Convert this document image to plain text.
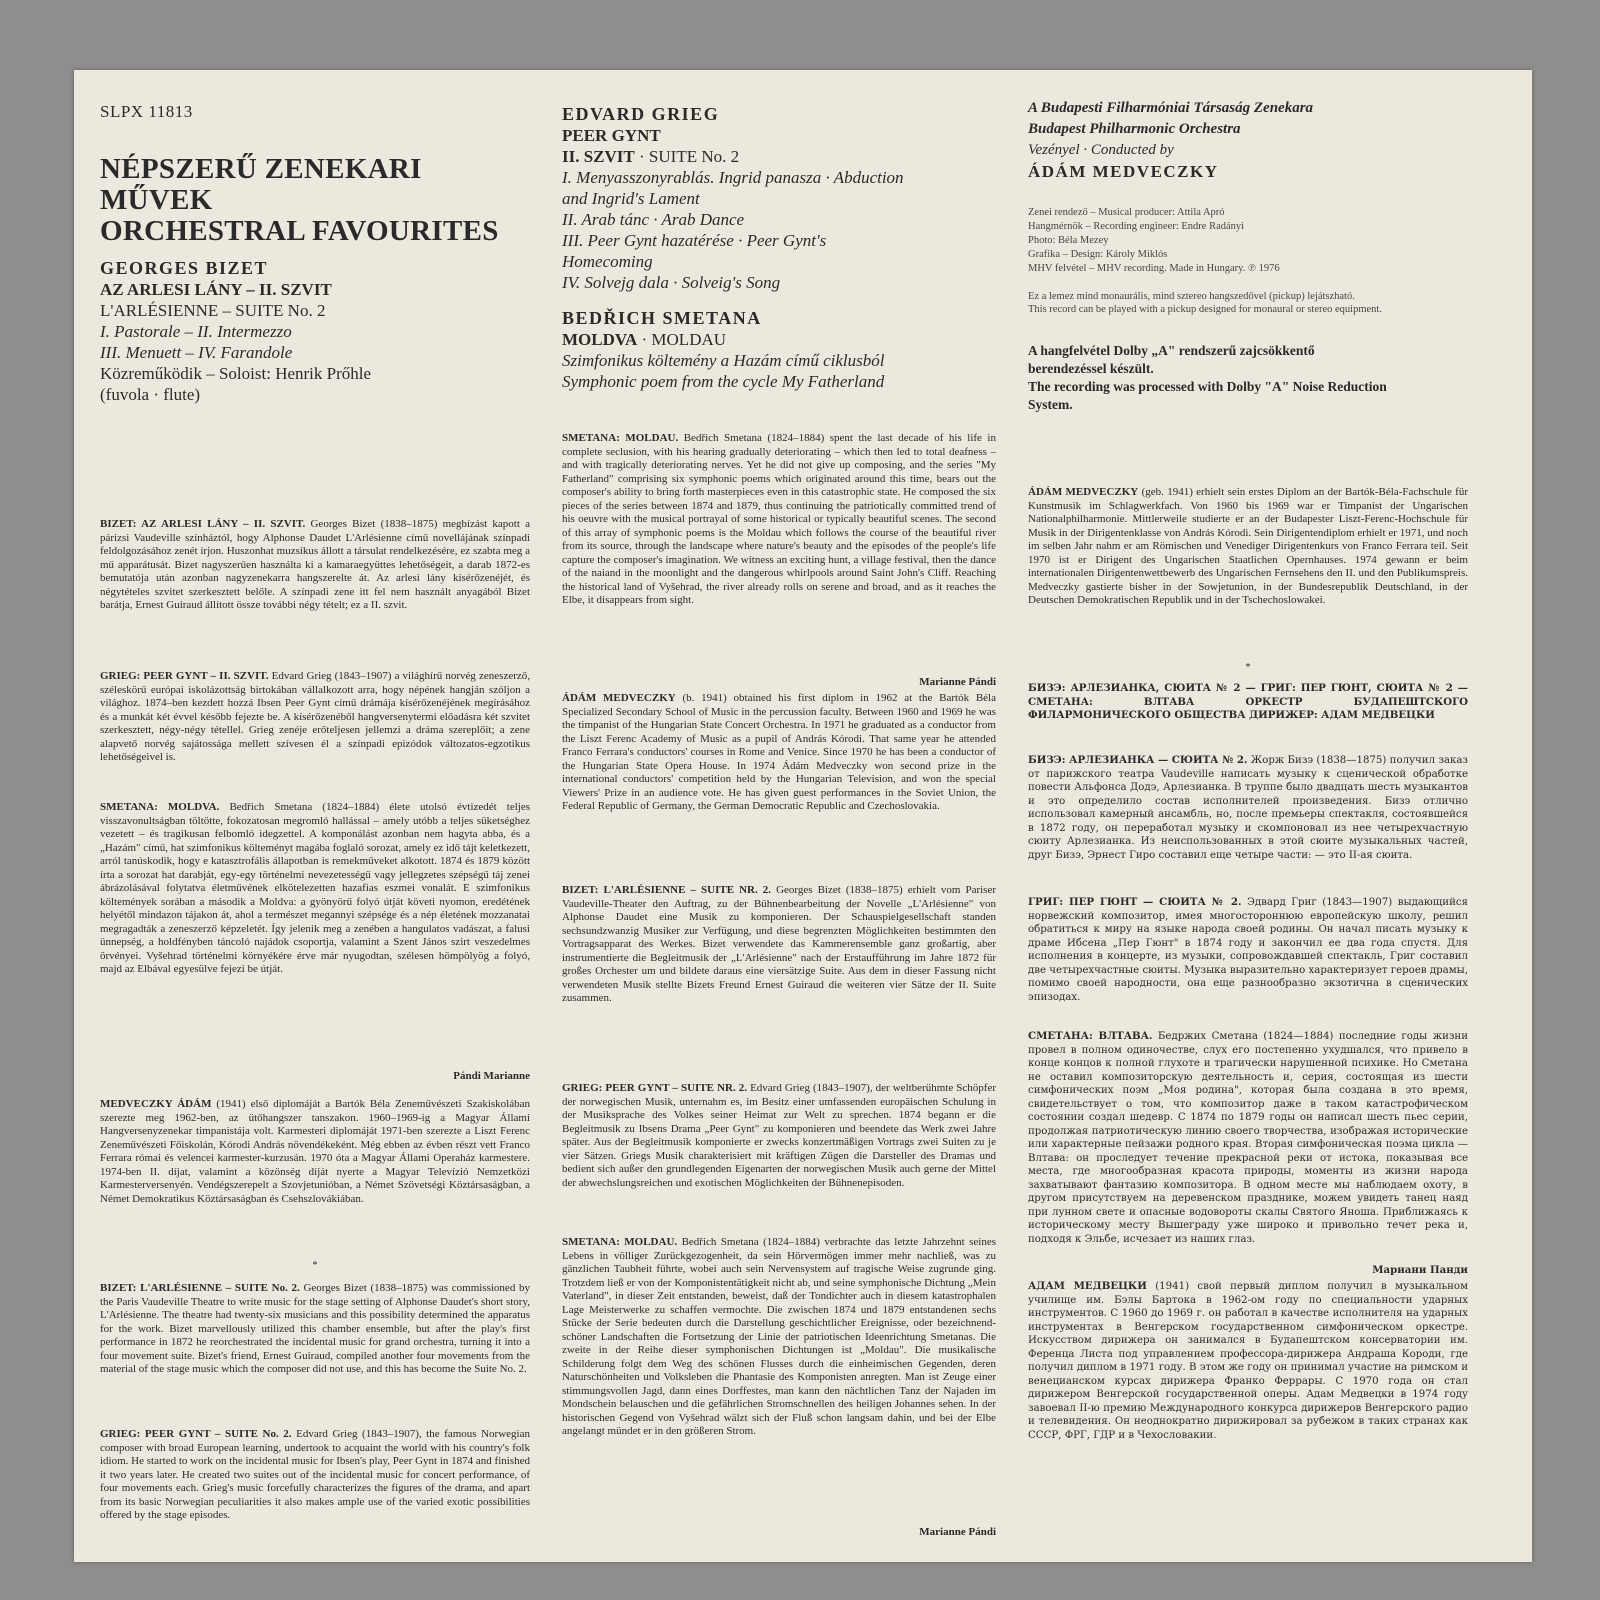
SLPX 11813
NÉPSZERŰ ZENEKARI
MŰVEK
ORCHESTRAL FAVOURITES
GEORGES BIZET
AZ ARLESI LÁNY – II. SZVIT
L'ARLÉSIENNE – SUITE No. 2
I. Pastorale – II. Intermezzo
III. Menuett – IV. Farandole
Közreműködik – Soloist: Henrik Prőhle
(fuvola · flute)

BIZET: AZ ARLESI LÁNY – II. SZVIT. Georges Bizet (1838–1875) megbízást kapott a párizsi Vaudeville színháztól, hogy Alphonse Daudet L'Arlésienne című novellájának színpadi feldolgozásához zenét írjon. Huszonhat muzsikus állott a társulat rendelkezésére, ez szabta meg a mű apparátusát. Bizet nagyszerűen használta ki a kamaraegyüttes lehetőségeit, a darab 1872-es bemutatója után azonban nagyzenekarra hangszerelte át. Az arlesi lány kísérőzenéjét, és négytételes szvitet szerkesztett belőle. A színpadi zene itt fel nem használt anyagából Bizet barátja, Ernest Guiraud állított össze további négy tételt; ez a II. szvit.

GRIEG: PEER GYNT – II. SZVIT. Edvard Grieg (1843–1907) a világhírű norvég zeneszerző, széleskörű európai iskolázottság birtokában vállalkozott arra, hogy népének hangján szóljon a világhoz. 1874–ben kezdett hozzá Ibsen Peer Gynt című drámája kísérőzenéjének megírásához és a munkát két évvel később fejezte be. A kísérőzenéből hangversenytermi előadásra két szvitet szerkesztett, négy-négy tétellel. Grieg zenéje erőteljesen jellemzi a dráma szereplőit; a zene alapvető norvég sajátossága mellett szívesen él a színpadi epizódok változatos-egzotikus lehetőségeivel is.

SMETANA: MOLDVA. Bedřich Smetana (1824–1884) élete utolsó évtizedét teljes visszavonultságban töltötte, fokozatosan megromló hallással – amely utóbb a teljes süketséghez vezetett – és tragikusan felbomló idegzettel. A komponálást azonban nem hagyta abba, és a „Hazám" című, hat szimfonikus költeményt magába foglaló sorozat, amely ez idő tájt keletkezett, arról tanúskodik, hogy e katasztrofális állapotban is remekműveket alkotott. 1874 és 1879 között írta a sorozat hat darabját, egy-egy történelmi nevezetességű vagy jellegzetes szépségű táj zenei ábrázolásával folytatva életművének elkötelezetten hazafias eszmei vonalát. E szimfonikus költemények sorában a második a Moldva: a gyönyörű folyó útját követi nyomon, eredétének helyétől mindazon tájakon át, ahol a természet megannyi szépsége és a nép életének mozzanatai megragadták a zeneszerző képzeletét. Így jelenik meg a zenében a hangulatos vadászat, a falusi ünnepség, a holdfényben táncoló najádok csoportja, valamint a Szent János szirt veszedelmes örvényei. Vyšehrad történelmi környékére érve már nyugodtan, szélesen hömpölyög a folyó, majd az Elbával egyesülve fejezi be útját.

Pándi Marianne

MEDVECZKY ÁDÁM (1941) első diplomáját a Bartók Béla Zeneművészeti Szakiskolában szerezte meg 1962-ben, az ütőhangszer tanszakon. 1960–1969-ig a Magyar Állami Hangversenyzenekar timpanistája volt. Karmesteri diplomáját 1971-ben szerezte a Liszt Ferenc Zeneművészeti Főiskolán, Kórodi András növendékeként. Még ebben az évben részt vett Franco Ferrara római és velencei karmester-kurzusán. 1970 óta a Magyar Állami Operaház karmestere. 1974-ben II. díjat, valamint a közönség díját nyerte a Magyar Televízió Nemzetközi Karmesterversenyén. Vendégszerepelt a Szovjetunióban, a Német Szövetségi Köztársaságban, a Német Demokratikus Köztársaságban és Csehszlovákiában.

*

BIZET: L'ARLÉSIENNE – SUITE No. 2. Georges Bizet (1838–1875) was commissioned by the Paris Vaudeville Theatre to write music for the stage setting of Alphonse Daudet's short story, L'Arlésienne. The theatre had twenty-six musicians and this possibility determined the apparatus for the work. Bizet marvellously utilized this chamber ensemble, but after the play's first performance in 1872 he reorchestrated the incidental music for grand orchestra, turning it into a four movement suite. Bizet's friend, Ernest Guiraud, compiled another four movements from the material of the stage music which the composer did not use, and this has become the Suite No. 2.

GRIEG: PEER GYNT – SUITE No. 2. Edvard Grieg (1843–1907), the famous Norwegian composer with broad European learning, undertook to acquaint the world with his country's folk idiom. He started to work on the incidental music for Ibsen's play, Peer Gynt in 1874 and finished it two years later. He created two suites out of the incidental music for concert performance, of four movements each. Grieg's music forcefully characterizes the figures of the drama, and apart from its basic Norwegian peculiarities it also makes ample use of the varied exotic possibilities offered by the stage episodes.

EDVARD GRIEG
PEER GYNT
II. SZVIT · SUITE No. 2
I. Menyasszonyrablás. Ingrid panasza · Abduction
and Ingrid's Lament
II. Arab tánc · Arab Dance
III. Peer Gynt hazatérése · Peer Gynt's
Homecoming
IV. Solvejg dala · Solveig's Song
BEDŘICH SMETANA
MOLDVA · MOLDAU
Szimfonikus költemény a Hazám című ciklusból
Symphonic poem from the cycle My Fatherland

SMETANA: MOLDAU. Bedřich Smetana (1824–1884) spent the last decade of his life in complete seclusion, with his hearing gradually deteriorating – which then led to total deafness – and with tragically deteriorating nerves. Yet he did not give up composing, and the series "My Fatherland" comprising six symphonic poems which originated around this time, bears out the composer's ability to bring forth masterpieces even in this catastrophic state. He composed the six pieces of the series between 1874 and 1879, thus continuing the patriotically committed trend of his oeuvre with the musical portrayal of some historical or typically beautiful scenes. The second of this array of symphonic poems is the Moldau which follows the course of the beautiful river from its source, through the landscape where nature's beauty and the episodes of the people's life capture the composer's imagination. We witness an exciting hunt, a village festival, then the dance of the naiand in the moonlight and the dangerous whirlpools around Saint John's Cliff. Reaching the historical land of Vyšehrad, the river already rolls on serene and broad, and as it reaches the Elbe, it disappears from sight.

Marianne Pándi

ÁDÁM MEDVECZKY (b. 1941) obtained his first diplom in 1962 at the Bartók Béla Specialized Secondary School of Music in the percussion faculty. Between 1960 and 1969 he was the timpanist of the Hungarian State Concert Orchestra. In 1971 he graduated as a conductor from the Liszt Ferenc Academy of Music as a pupil of András Kórodi. That same year he attended Franco Ferrara's conductors' courses in Rome and Venice. Since 1970 he has been a conductor of the Hungarian State Opera House. In 1974 Ádám Medveczky won second prize in the international conductors' competition held by the Hungarian Television, and won the special Viewers' Prize in an audience vote. He has given guest performances in the Soviet Union, the Federal Republic of Germany, the German Democratic Republic and Czechoslovakia.

BIZET: L'ARLÉSIENNE – SUITE NR. 2. Georges Bizet (1838–1875) erhielt vom Pariser Vaudeville-Theater den Auftrag, zu der Bühnenbearbeitung der Novelle „L'Arlésienne" von Alphonse Daudet eine Musik zu komponieren. Der Schauspielgesellschaft standen sechsundzwanzig Musiker zur Verfügung, und diese begrenzten Möglichkeiten bestimmten den Vortragsapparat des Werkes. Bizet verwendete das Kammerensemble ganz großartig, aber instrumentierte die Begleitmusik der „L'Arlésienne" nach der Erstaufführung im Jahre 1872 für großes Orchester um und bildete daraus eine viersätzige Suite. Aus dem in dieser Fassung nicht verwendeten Musik stellte Bizets Freund Ernest Guiraud die weiteren vier Sätze der II. Suite zusammen.

GRIEG: PEER GYNT – SUITE NR. 2. Edvard Grieg (1843–1907), der weltberühmte Schöpfer der norwegischen Musik, unternahm es, im Besitz einer umfassenden europäischen Schulung in der Musiksprache des Volkes seiner Heimat zur Welt zu sprechen. 1874 begann er die Begleitmusik zu Ibsens Drama „Peer Gynt" zu komponieren und beendete das Werk zwei Jahre später. Aus der Begleitmusik komponierte er zwecks konzertmäßigen Vortrags zwei Suiten zu je vier Sätzen. Griegs Musik charakterisiert mit kräftigen Zügen die Darsteller des Dramas und bedient sich außer den grundlegenden Eigenarten der norwegischen Musik auch gerne der Mittel der abwechslungsreichen und exotischen Möglichkeiten der Bühnenepisoden.

SMETANA: MOLDAU. Bedřich Smetana (1824–1884) verbrachte das letzte Jahrzehnt seines Lebens in völliger Zurückgezogenheit, da sein Hörvermögen immer mehr nachließ, was zu gänzlichen Taubheit führte, wobei auch sein Nervensystem auf tragische Weise zugrunde ging. Trotzdem ließ er von der Komponistentätigkeit nicht ab, und seine symphonische Dichtung „Mein Vaterland", in dieser Zeit entstanden, beweist, daß der Tondichter auch in diesem katastrophalen Lage Meisterwerke zu schaffen vermochte. Die zwischen 1874 und 1879 entstandenen sechs Stücke der Serie bedeuten durch die Darstellung geschichtlicher Ereignisse, oder bezeichnend-schöner Landschaften die Fortsetzung der Linie der patriotischen Ideenrichtung Smetanas. Die zweite in der Reihe dieser symphonischen Dichtungen ist „Moldau". Die musikalische Schilderung folgt dem Weg des schönen Flusses durch die einheimischen Gegenden, deren Naturschönheiten und Volksleben die Phantasie des Komponisten anregten. Man ist Zeuge einer stimmungsvollen Jagd, dann eines Dorffestes, man kann den nächtlichen Tanz der Najaden im Mondschein belauschen und die gefährlichen Stromschnellen des heiligen Johannes sehen. In der historischen Gegend von Vyšehrad wälzt sich der Fluß schon langsam dahin, und bei der Elbe angelangt mündet er in den größeren Strom.

Marianne Pándi
A Budapesti Filharmóniai Társaság Zenekara
Budapest Philharmonic Orchestra
Vezényel · Conducted by
ÁDÁM MEDVECZKY
Zenei rendező – Musical producer: Attila Apró
Hangmérnök – Recording engineer: Endre Radányi
Photo: Béla Mezey
Grafika – Design: Károly Miklós
MHV felvétel – MHV recording. Made in Hungary. ℗ 1976
Ez a lemez mind monaurális, mind sztereo hangszedővel (pickup) lejátszható.
This record can be played with a pickup designed for monaural or stereo equipment.
A hangfelvétel Dolby „A" rendszerű zajcsökkentő berendezéssel készült.
The recording was processed with Dolby "A" Noise Reduction System.

ÁDÁM MEDVECZKY (geb. 1941) erhielt sein erstes Diplom an der Bartók-Béla-Fachschule für Kunstmusik im Schlagwerkfach. Von 1960 bis 1969 war er Timpanist der Ungarischen Nationalphilharmonie. Mittlerweile studierte er an der Budapester Liszt-Ferenc-Hochschule für Musik in der Dirigentenklasse von András Kórodi. Sein Dirigentendiplom erhielt er 1971, und noch im selben Jahr nahm er am Römischen und Venediger Dirigentenkurs von Franco Ferrara teil. Seit 1970 ist er Dirigent des Ungarischen Staatlichen Opernhauses. 1974 gewann er beim internationalen Dirigentenwettbewerb des Ungarischen Fernsehens den II. und den Publikumspreis. Medveczky gastierte bisher in der Sowjetunion, in der Bundesrepublik Deutschland, in der Deutschen Demokratischen Republik und in der Tschechoslowakei.

*

БИЗЭ: АРЛЕЗИАНКА, СЮИТА № 2 — ГРИГ: ПЕР ГЮНТ, СЮИТА № 2 — СМЕТАНА: ВЛТАВА ОРКЕСТР БУДАПЕШТСКОГО ФИЛАРМОНИЧЕСКОГО ОБЩЕСТВА ДИРИЖЕР: АДАМ МЕДВЕЦКИ

БИЗЭ: АРЛЕЗИАНКА — СЮИТА № 2. Жорж Бизэ (1838—1875) получил заказ от парижского театра Vaudeville написать музыку к сценической обработке повести Альфонса Додэ, Арлезианка. В труппе было двадцать шесть музыкантов и это определило состав исполнителей произведения. Бизэ отлично использовал камерный ансамбль, но, после премьеры спектакля, состоявшейся в 1872 году, он переработал музыку и скомпоновал из нее четырехчастную сюиту Арлезианка. Из неиспользованных в этой сюите музыкальных частей, друг Бизэ, Эрнест Гиро составил еще четыре части: — это II-ая сюита.

ГРИГ: ПЕР ГЮНТ — СЮИТА № 2. Эдвард Григ (1843—1907) выдающийся норвежский композитор, имея многостороннюю европейскую школу, решил обратиться к миру на языке народа своей родины. Он начал писать музыку к драме Ибсена „Пер Гюнт" в 1874 году и закончил ее два года спустя. Для исполнения в концерте, из музыки, сопровождавшей спектакль, Григ составил две четырехчастные сюиты. Музыка выразительно характеризует героев драмы, помимо своей народности, она еще разнообразно экзотична в сценических эпизодах.

СМЕТАНА: ВЛТАВА. Бедржих Сметана (1824—1884) последние годы жизни провел в полном одиночестве, слух его постепенно ухудшался, что привело в конце концов к полной глухоте и трагически нарушенной психике. Но Сметана не оставил композиторскую деятельность и, серия, состоящая из шести симфонических поэм „Моя родина", которая была создана в это время, свидетельствует о том, что композитор даже в таком катастрофическом состоянии создал шедевр. С 1874 по 1879 годы он написал шесть пьес серии, продолжая патриотическую линию своего творчества, изображая исторические или характерные пейзажи родного края. Вторая симфоническая поэма цикла — Влтава: он проследует течение прекрасной реки от истока, показывая все места, где многообразная красота природы, моменты из жизни народа захватывают фантазию композитора. В одном месте мы наблюдаем охоту, в другом присутствуем на деревенском празднике, можем увидеть танец наяд при лунном свете и опасные водовороты скалы Святого Яноша. Приближаясь к историческому месту Вышеграду уже широко и привольно течет река и, подходя к Эльбе, исчезает из наших глаз.

Мариани Панди

АДАМ МЕДВЕЦКИ (1941) свой первый диплом получил в музыкальном училище им. Бэлы Бартока в 1962-ом году по специальности ударных инструментов. С 1960 до 1969 г. он работал в качестве исполнителя на ударных инструментах в Венгерском государственном симфоническом оркестре. Искусством дирижера он занимался в Будапештском консерватории им. Ференца Листа под управлением профессора-дирижера Андраша Короди, где получил диплом в 1971 году. В этом же году он принимал участие на римском и венецианском курсах дирижера Франко Феррары. С 1970 года он стал дирижером Венгерской государственной оперы. Адам Медвецки в 1974 году завоевал II-ю премию Международного конкурса дирижеров Венгерского радио и телевидения. Он неоднократно дирижировал за рубежом в таких странах как СССР, ФРГ, ГДР и в Чехословакии.
